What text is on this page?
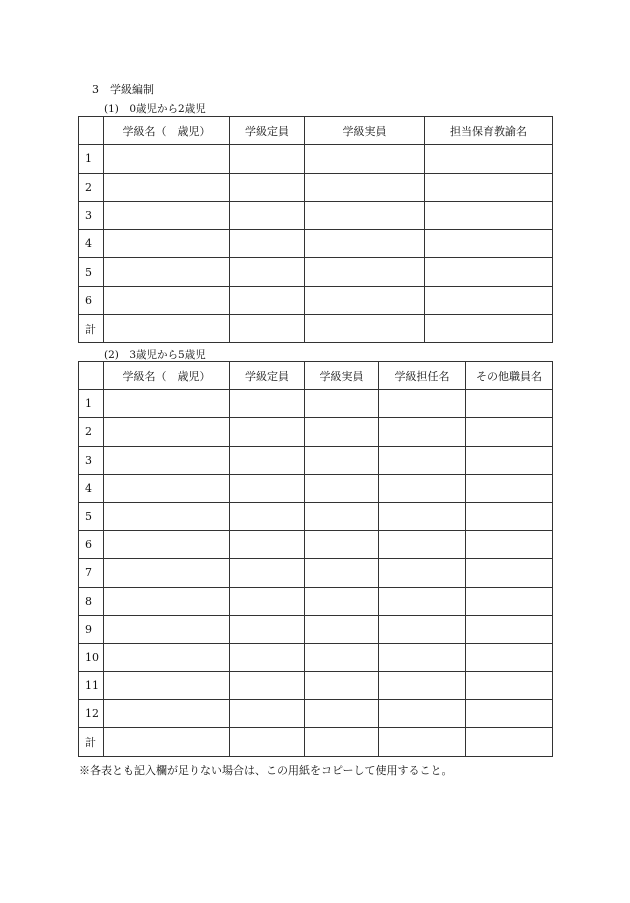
3　学級編制
(1)　0歳児から2歳児
	学級名（　歳児）	学級定員	学級実員	担当保育教諭名
1				
2				
3				
4				
5				
6				
計				
(2)　3歳児から5歳児
	学級名（　歳児）	学級定員	学級実員	学級担任名	その他職員名
1					
2					
3					
4					
5					
6					
7					
8					
9					
10					
11					
12					
計					
※各表とも記入欄が足りない場合は、この用紙をコピーして使用すること。
